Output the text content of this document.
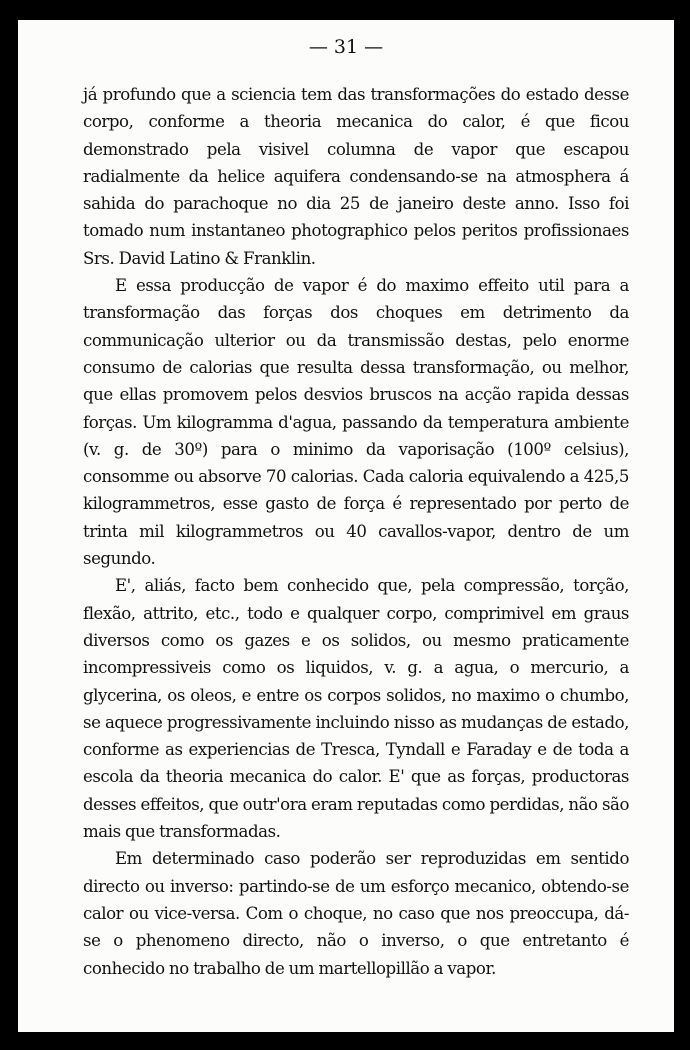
— 31 —

já profundo que a sciencia tem das transformações do estado desse corpo, conforme a theoria mecanica do calor, é que ficou demonstrado pela visivel columna de vapor que escapou radialmente da helice aquifera condensando-se na atmosphera á sahida do parachoque no dia 25 de janeiro deste anno. Isso foi tomado num instantaneo photographico pelos peritos profissionaes Srs. David Latino & Franklin.

E essa producção de vapor é do maximo effeito util para a transformação das forças dos choques em detrimento da communicação ulterior ou da transmissão destas, pelo enorme consumo de calorias que resulta dessa transformação, ou melhor, que ellas promovem pelos desvios bruscos na acção rapida dessas forças. Um kilogramma d'agua, passando da temperatura ambiente (v. g. de 30º) para o minimo da vaporisação (100º celsius), consomme ou absorve 70 calorias. Cada caloria equivalendo a 425,5 kilogrammetros, esse gasto de força é representado por perto de trinta mil kilogrammetros ou 40 cavallos-vapor, dentro de um segundo.

E', aliás, facto bem conhecido que, pela compressão, torção, flexão, attrito, etc., todo e qualquer corpo, comprimivel em graus diversos como os gazes e os solidos, ou mesmo praticamente incompressiveis como os liquidos, v. g. a agua, o mercurio, a glycerina, os oleos, e entre os corpos solidos, no maximo o chumbo, se aquece progressivamente incluindo nisso as mudanças de estado, conforme as experiencias de Tresca, Tyndall e Faraday e de toda a escola da theoria mecanica do calor. E' que as forças, productoras desses effeitos, que outr'ora eram reputadas como perdidas, não são mais que transformadas.

Em determinado caso poderão ser reproduzidas em sentido directo ou inverso: partindo-se de um esforço mecanico, obtendo-se calor ou vice-versa. Com o choque, no caso que nos preoccupa, dá-se o phenomeno directo, não o inverso, o que entretanto é conhecido no trabalho de um martellopillão a vapor.
